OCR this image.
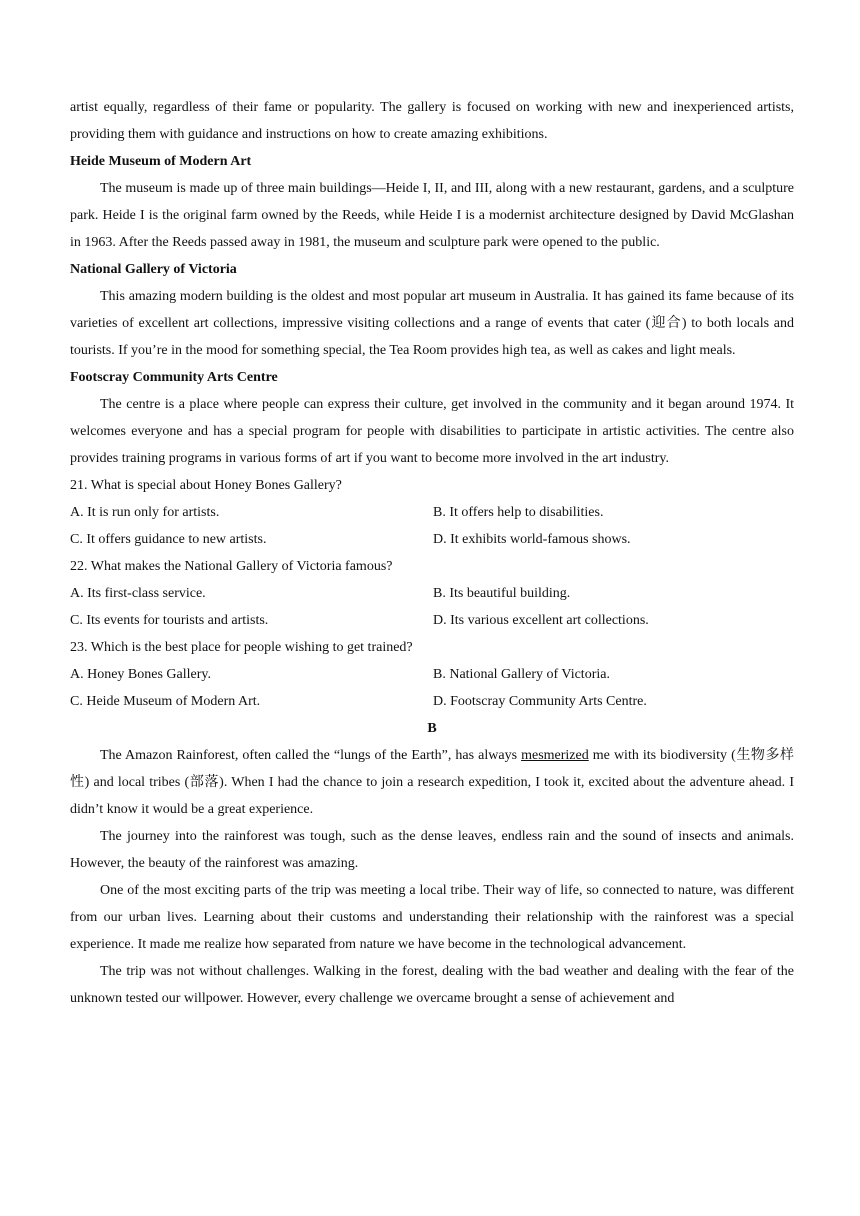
artist equally, regardless of their fame or popularity. The gallery is focused on working with new and inexperienced artists, providing them with guidance and instructions on how to create amazing exhibitions.

Heide Museum of Modern Art

The museum is made up of three main buildings—Heide I, II, and III, along with a new restaurant, gardens, and a sculpture park. Heide I is the original farm owned by the Reeds, while Heide I is a modernist architecture designed by David McGlashan in 1963. After the Reeds passed away in 1981, the museum and sculpture park were opened to the public.

National Gallery of Victoria

This amazing modern building is the oldest and most popular art museum in Australia. It has gained its fame because of its varieties of excellent art collections, impressive visiting collections and a range of events that cater (迎合) to both locals and tourists. If you’re in the mood for something special, the Tea Room provides high tea, as well as cakes and light meals.

Footscray Community Arts Centre

The centre is a place where people can express their culture, get involved in the community and it began around 1974. It welcomes everyone and has a special program for people with disabilities to participate in artistic activities. The centre also provides training programs in various forms of art if you want to become more involved in the art industry.

21. What is special about Honey Bones Gallery?
A. It is run only for artists.	B. It offers help to disabilities.
C. It offers guidance to new artists.	D. It exhibits world-famous shows.
22. What makes the National Gallery of Victoria famous?
A. Its first-class service.	B. Its beautiful building.
C. Its events for tourists and artists.	D. Its various excellent art collections.
23. Which is the best place for people wishing to get trained?
A. Honey Bones Gallery.	B. National Gallery of Victoria.
C. Heide Museum of Modern Art.	D. Footscray Community Arts Centre.
B

The Amazon Rainforest, often called the “lungs of the Earth”, has always mesmerized me with its biodiversity (生物多样性) and local tribes (部落). When I had the chance to join a research expedition, I took it, excited about the adventure ahead. I didn’t know it would be a great experience.

The journey into the rainforest was tough, such as the dense leaves, endless rain and the sound of insects and animals. However, the beauty of the rainforest was amazing.

One of the most exciting parts of the trip was meeting a local tribe. Their way of life, so connected to nature, was different from our urban lives. Learning about their customs and understanding their relationship with the rainforest was a special experience. It made me realize how separated from nature we have become in the technological advancement.

The trip was not without challenges. Walking in the forest, dealing with the bad weather and dealing with the fear of the unknown tested our willpower. However, every challenge we overcame brought a sense of achievement and
